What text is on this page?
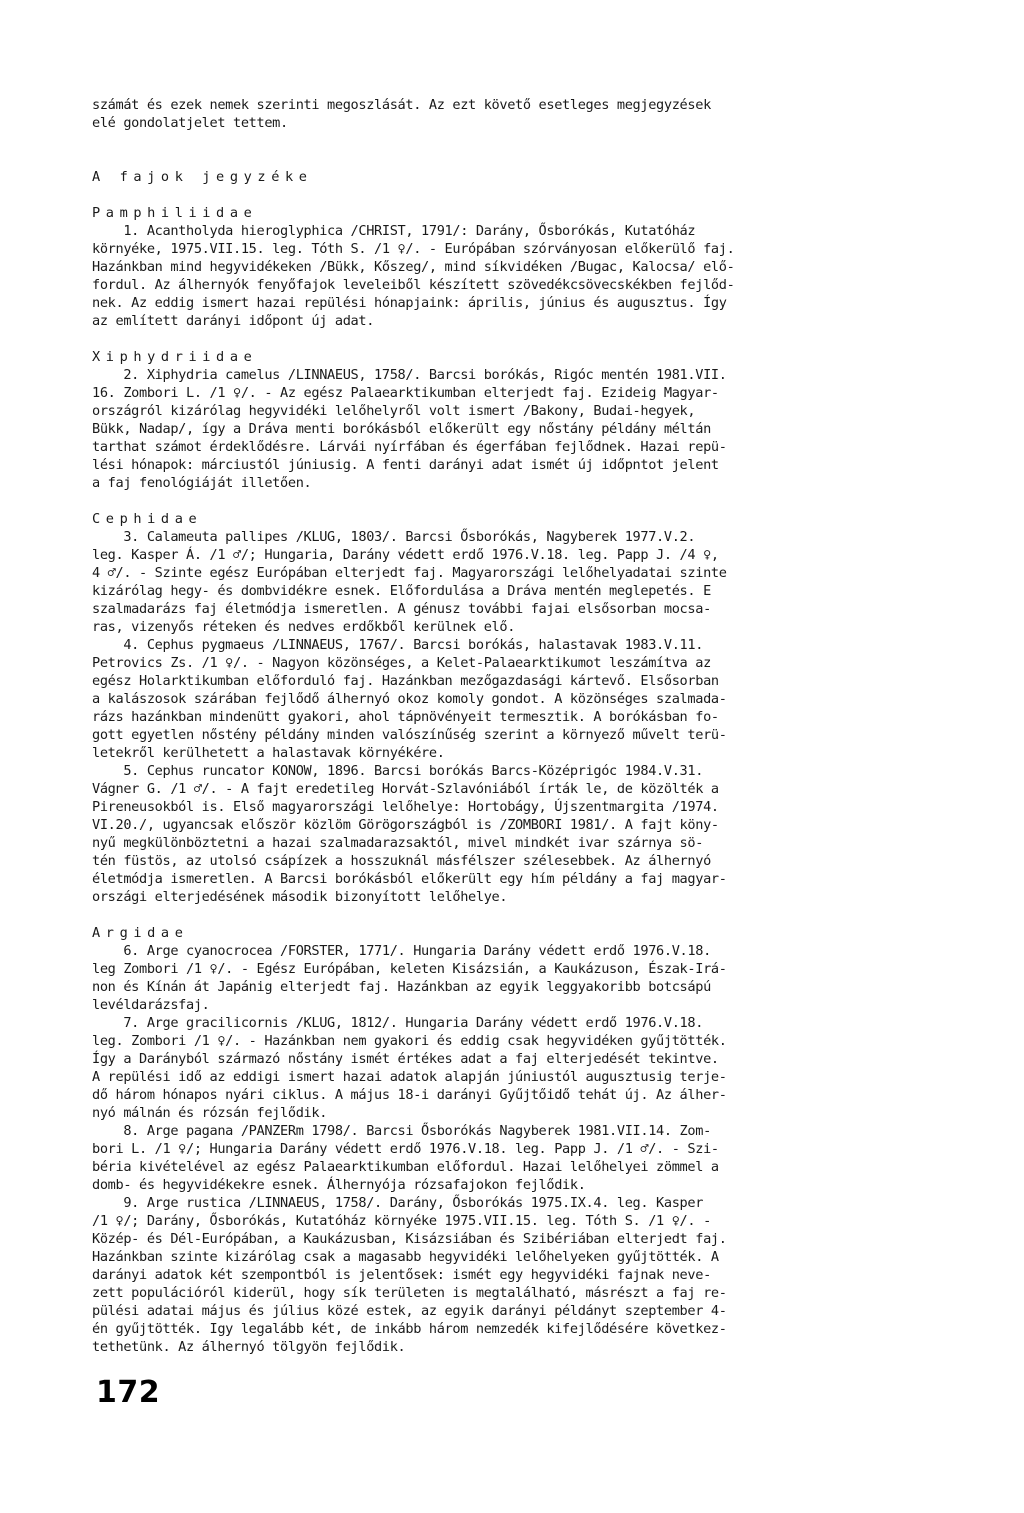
számát és ezek nemek szerinti megoszlását. Az ezt követő esetleges megjegyzések
elé gondolatjelet tettem.
A fajok jegyzéke
Pamphiliidae
1. Acantholyda hieroglyphica /CHRIST, 1791/: Darány, Ősborókás, Kutatóház
környéke, 1975.VII.15. leg. Tóth S. /1 ♀/. - Európában szórványosan előkerülő faj.
Hazánkban mind hegyvidékeken /Bükk, Kőszeg/, mind síkvidéken /Bugac, Kalocsa/ elő-
fordul. Az álhernyók fenyőfajok leveleiből készített szövedékcsövecskékben fejlőd-
nek. Az eddig ismert hazai repülési hónapjaink: április, június és augusztus. Így
az említett darányi időpont új adat.
Xiphydriidae
2. Xiphydria camelus /LINNAEUS, 1758/. Barcsi borókás, Rigóc mentén 1981.VII.
16. Zombori L. /1 ♀/. - Az egész Palaearktikumban elterjedt faj. Ezideig Magyar-
országról kizárólag hegyvidéki lelőhelyről volt ismert /Bakony, Budai-hegyek,
Bükk, Nadap/, így a Dráva menti borókásból előkerült egy nőstány példány méltán
tarthat számot érdeklődésre. Lárvái nyírfában és égerfában fejlődnek. Hazai repü-
lési hónapok: márciustól júniusig. A fenti darányi adat ismét új időpntot jelent
a faj fenológiáját illetően.
Cephidae
3. Calameuta pallipes /KLUG, 1803/. Barcsi Ősborókás, Nagyberek 1977.V.2.
leg. Kasper Á. /1 ♂/; Hungaria, Darány védett erdő 1976.V.18. leg. Papp J. /4 ♀,
4 ♂/. - Szinte egész Európában elterjedt faj. Magyarországi lelőhelyadatai szinte
kizárólag hegy- és dombvidékre esnek. Előfordulása a Dráva mentén meglepetés. E
szalmadarázs faj életmódja ismeretlen. A génusz további fajai elsősorban mocsa-
ras, vizenyős réteken és nedves erdőkből kerülnek elő.
4. Cephus pygmaeus /LINNAEUS, 1767/. Barcsi borókás, halastavak 1983.V.11.
Petrovics Zs. /1 ♀/. - Nagyon közönséges, a Kelet-Palaearktikumot leszámítva az
egész Holarktikumban előforduló faj. Hazánkban mezőgazdasági kártevő. Elsősorban
a kalászosok szárában fejlődő álhernyó okoz komoly gondot. A közönséges szalmada-
rázs hazánkban mindenütt gyakori, ahol tápnövényeit termesztik. A borókásban fo-
gott egyetlen nőstény példány minden valószínűség szerint a környező művelt terü-
letekről kerülhetett a halastavak környékére.
5. Cephus runcator KONOW, 1896. Barcsi borókás Barcs-Középrigóc 1984.V.31.
Vágner G. /1 ♂/. - A fajt eredetileg Horvát-Szlavóniából írták le, de közölték a
Pireneusokból is. Első magyarországi lelőhelye: Hortobágy, Újszentmargita /1974.
VI.20./, ugyancsak először közlöm Görögországból is /ZOMBORI 1981/. A fajt köny-
nyű megkülönböztetni a hazai szalmadarazsaktól, mivel mindkét ivar szárnya sö-
tén füstös, az utolsó csápízek a hosszuknál másfélszer szélesebbek. Az álhernyó
életmódja ismeretlen. A Barcsi borókásból előkerült egy hím példány a faj magyar-
országi elterjedésének második bizonyított lelőhelye.
Argidae
6. Arge cyanocrocea /FORSTER, 1771/. Hungaria Darány védett erdő 1976.V.18.
leg Zombori /1 ♀/. - Egész Európában, keleten Kisázsián, a Kaukázuson, Észak-Irá-
non és Kínán át Japánig elterjedt faj. Hazánkban az egyik leggyakoribb botcsápú
levéldarázsfaj.
7. Arge gracilicornis /KLUG, 1812/. Hungaria Darány védett erdő 1976.V.18.
leg. Zombori /1 ♀/. - Hazánkban nem gyakori és eddig csak hegyvidéken gyűjtötték.
Így a Darányból származó nőstány ismét értékes adat a faj elterjedését tekintve.
A repülési idő az eddigi ismert hazai adatok alapján júniustól augusztusig terje-
dő három hónapos nyári ciklus. A május 18-i darányi Gyűjtőidő tehát új. Az álher-
nyó málnán és rózsán fejlődik.
8. Arge pagana /PANZERm 1798/. Barcsi Ősborókás Nagyberek 1981.VII.14. Zom-
bori L. /1 ♀/; Hungaria Darány védett erdő 1976.V.18. leg. Papp J. /1 ♂/. - Szi-
béria kivételével az egész Palaearktikumban előfordul. Hazai lelőhelyei zömmel a
domb- és hegyvidékekre esnek. Álhernyója rózsafajokon fejlődik.
9. Arge rustica /LINNAEUS, 1758/. Darány, Ősborókás 1975.IX.4. leg. Kasper
/1 ♀/; Darány, Ősborókás, Kutatóház környéke 1975.VII.15. leg. Tóth S. /1 ♀/. -
Közép- és Dél-Európában, a Kaukázusban, Kisázsiában és Szibériában elterjedt faj.
Hazánkban szinte kizárólag csak a magasabb hegyvidéki lelőhelyeken gyűjtötték. A
darányi adatok két szempontból is jelentősek: ismét egy hegyvidéki fajnak neve-
zett populációról kiderül, hogy sík területen is megtalálható, másrészt a faj re-
pülési adatai május és július közé estek, az egyik darányi példányt szeptember 4-
én gyűjtötték. Igy legalább két, de inkább három nemzedék kifejlődésére következ-
tethetünk. Az álhernyó tölgyön fejlődik.
172
